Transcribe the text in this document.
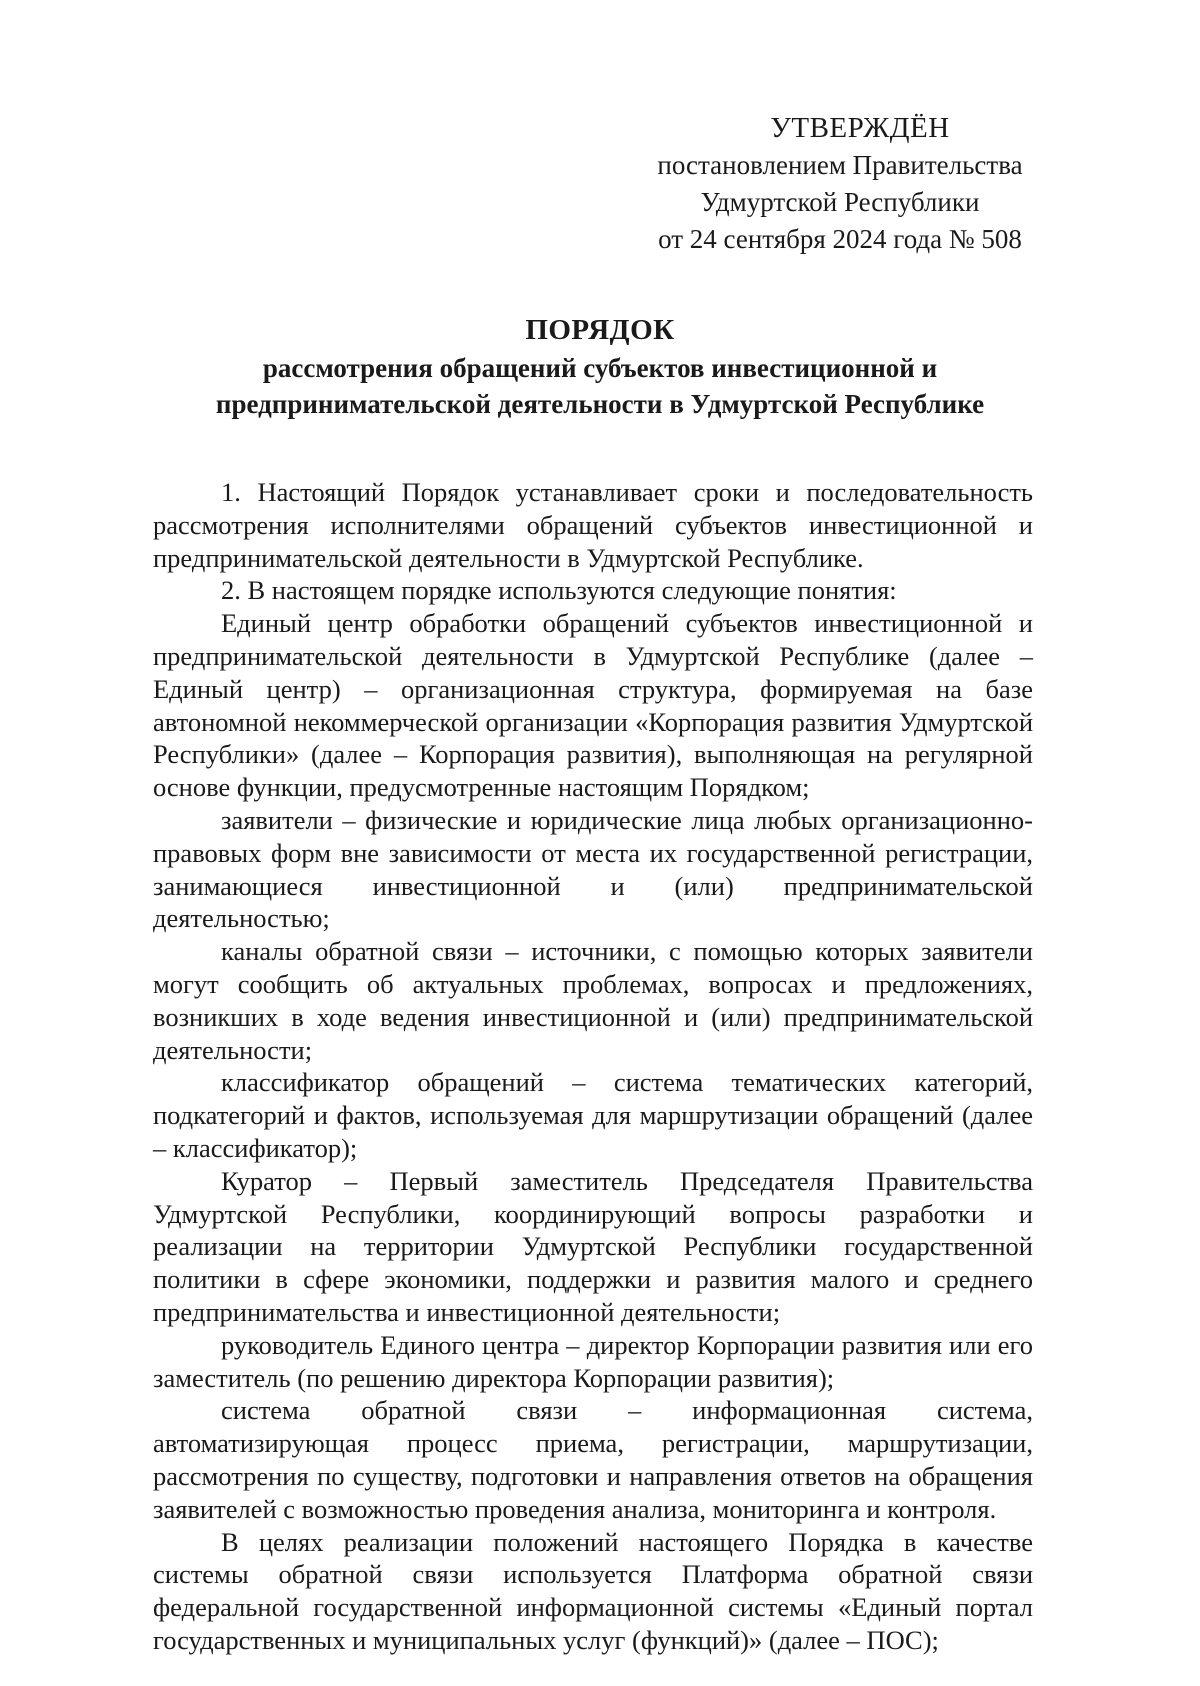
УТВЕРЖДЁН
постановлением Правительства
Удмуртской Республики
от 24 сентября 2024 года № 508
ПОРЯДОК
рассмотрения обращений субъектов инвестиционной и
предпринимательской деятельности в Удмуртской Республике

1. Настоящий Порядок устанавливает сроки и последовательность рассмотрения исполнителями обращений субъектов инвестиционной и предпринимательской деятельности в Удмуртской Республике.

2. В настоящем порядке используются следующие понятия:

Единый центр обработки обращений субъектов инвестиционной и предпринимательской деятельности в Удмуртской Республике (далее – Единый центр) – организационная структура, формируемая на базе автономной некоммерческой организации «Корпорация развития Удмуртской Республики» (далее – Корпорация развития), выполняющая на регулярной основе функции, предусмотренные настоящим Порядком;

заявители – физические и юридические лица любых организационно-правовых форм вне зависимости от места их государственной регистрации, занимающиеся инвестиционной и (или) предпринимательской деятельностью;

каналы обратной связи – источники, с помощью которых заявители могут сообщить об актуальных проблемах, вопросах и предложениях, возникших в ходе ведения инвестиционной и (или) предпринимательской деятельности;

классификатор обращений – система тематических категорий, подкатегорий и фактов, используемая для маршрутизации обращений (далее – классификатор);

Куратор – Первый заместитель Председателя Правительства Удмуртской Республики, координирующий вопросы разработки и реализации на территории Удмуртской Республики государственной политики в сфере экономики, поддержки и развития малого и среднего предпринимательства и инвестиционной деятельности;

руководитель Единого центра – директор Корпорации развития или его заместитель (по решению директора Корпорации развития);

система обратной связи – информационная система, автоматизирующая процесс приема, регистрации, маршрутизации, рассмотрения по существу, подготовки и направления ответов на обращения заявителей с возможностью проведения анализа, мониторинга и контроля.

В целях реализации положений настоящего Порядка в качестве системы обратной связи используется Платформа обратной связи федеральной государственной информационной системы «Единый портал государственных и муниципальных услуг (функций)» (далее – ПОС);
